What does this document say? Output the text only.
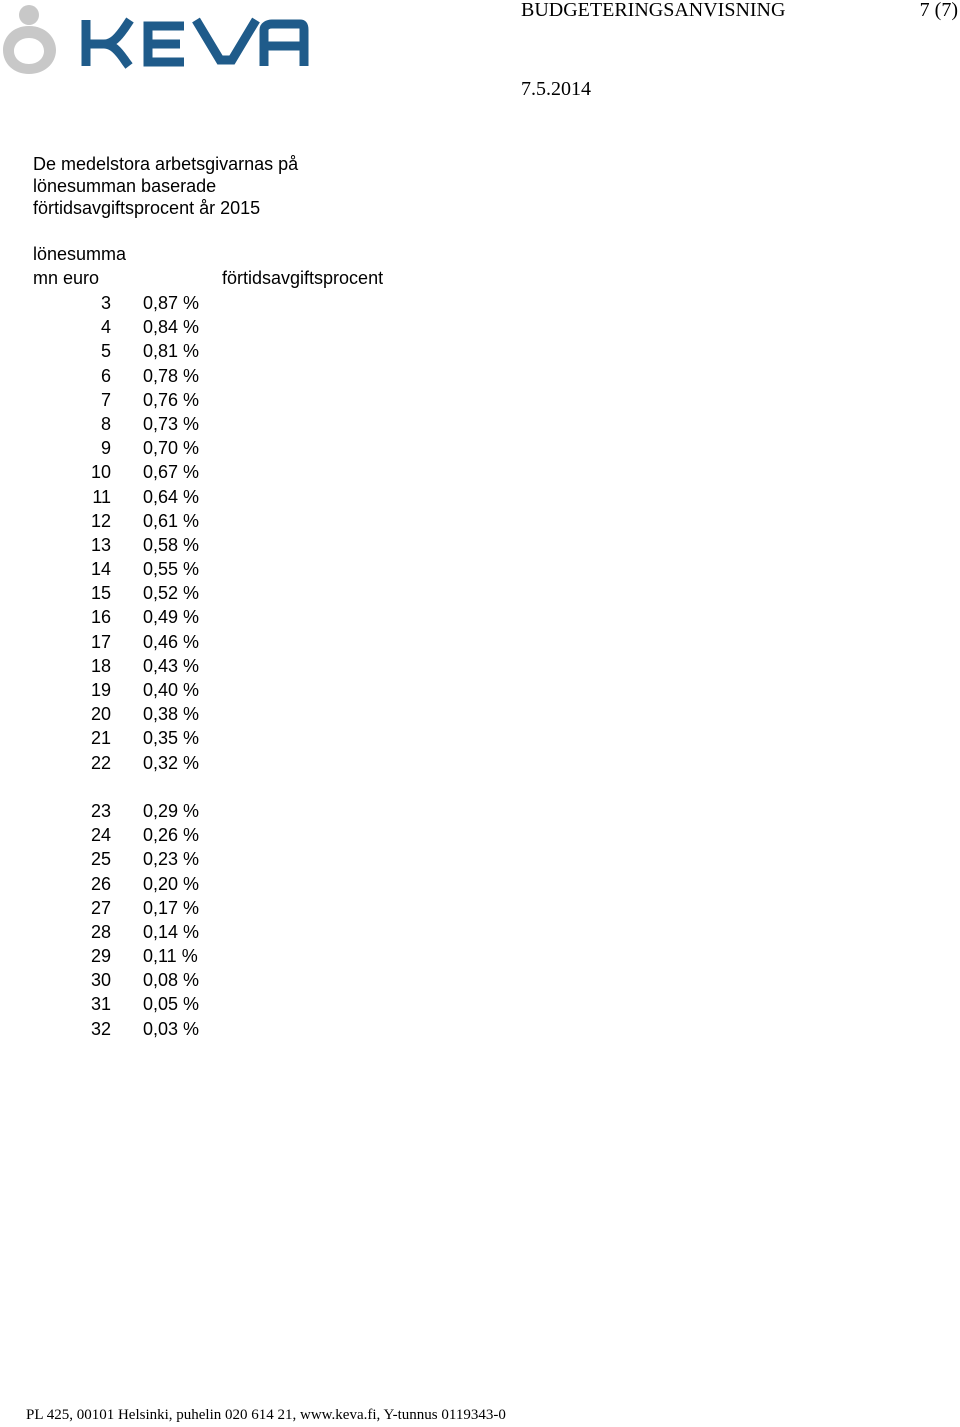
BUDGETERINGSANVISNING	7 (7)
7.5.2014
De medelstora arbetsgivarnas på
lönesumman baserade
förtidsavgiftsprocent år 2015
lönesumma
mn euro	förtidsavgiftsprocent
3 0,87 %
4 0,84 %
5 0,81 %
6 0,78 %
7 0,76 %
8 0,73 %
9 0,70 %
10 0,67 %
11 0,64 %
12 0,61 %
13 0,58 %
14 0,55 %
15 0,52 %
16 0,49 %
17 0,46 %
18 0,43 %
19 0,40 %
20 0,38 %
21 0,35 %
22 0,32 %
23 0,29 %
24 0,26 %
25 0,23 %
26 0,20 %
27 0,17 %
28 0,14 %
29 0,11 %
30 0,08 %
31 0,05 %
32 0,03 %
PL 425, 00101 Helsinki, puhelin 020 614 21, www.keva.fi, Y-tunnus 0119343-0
